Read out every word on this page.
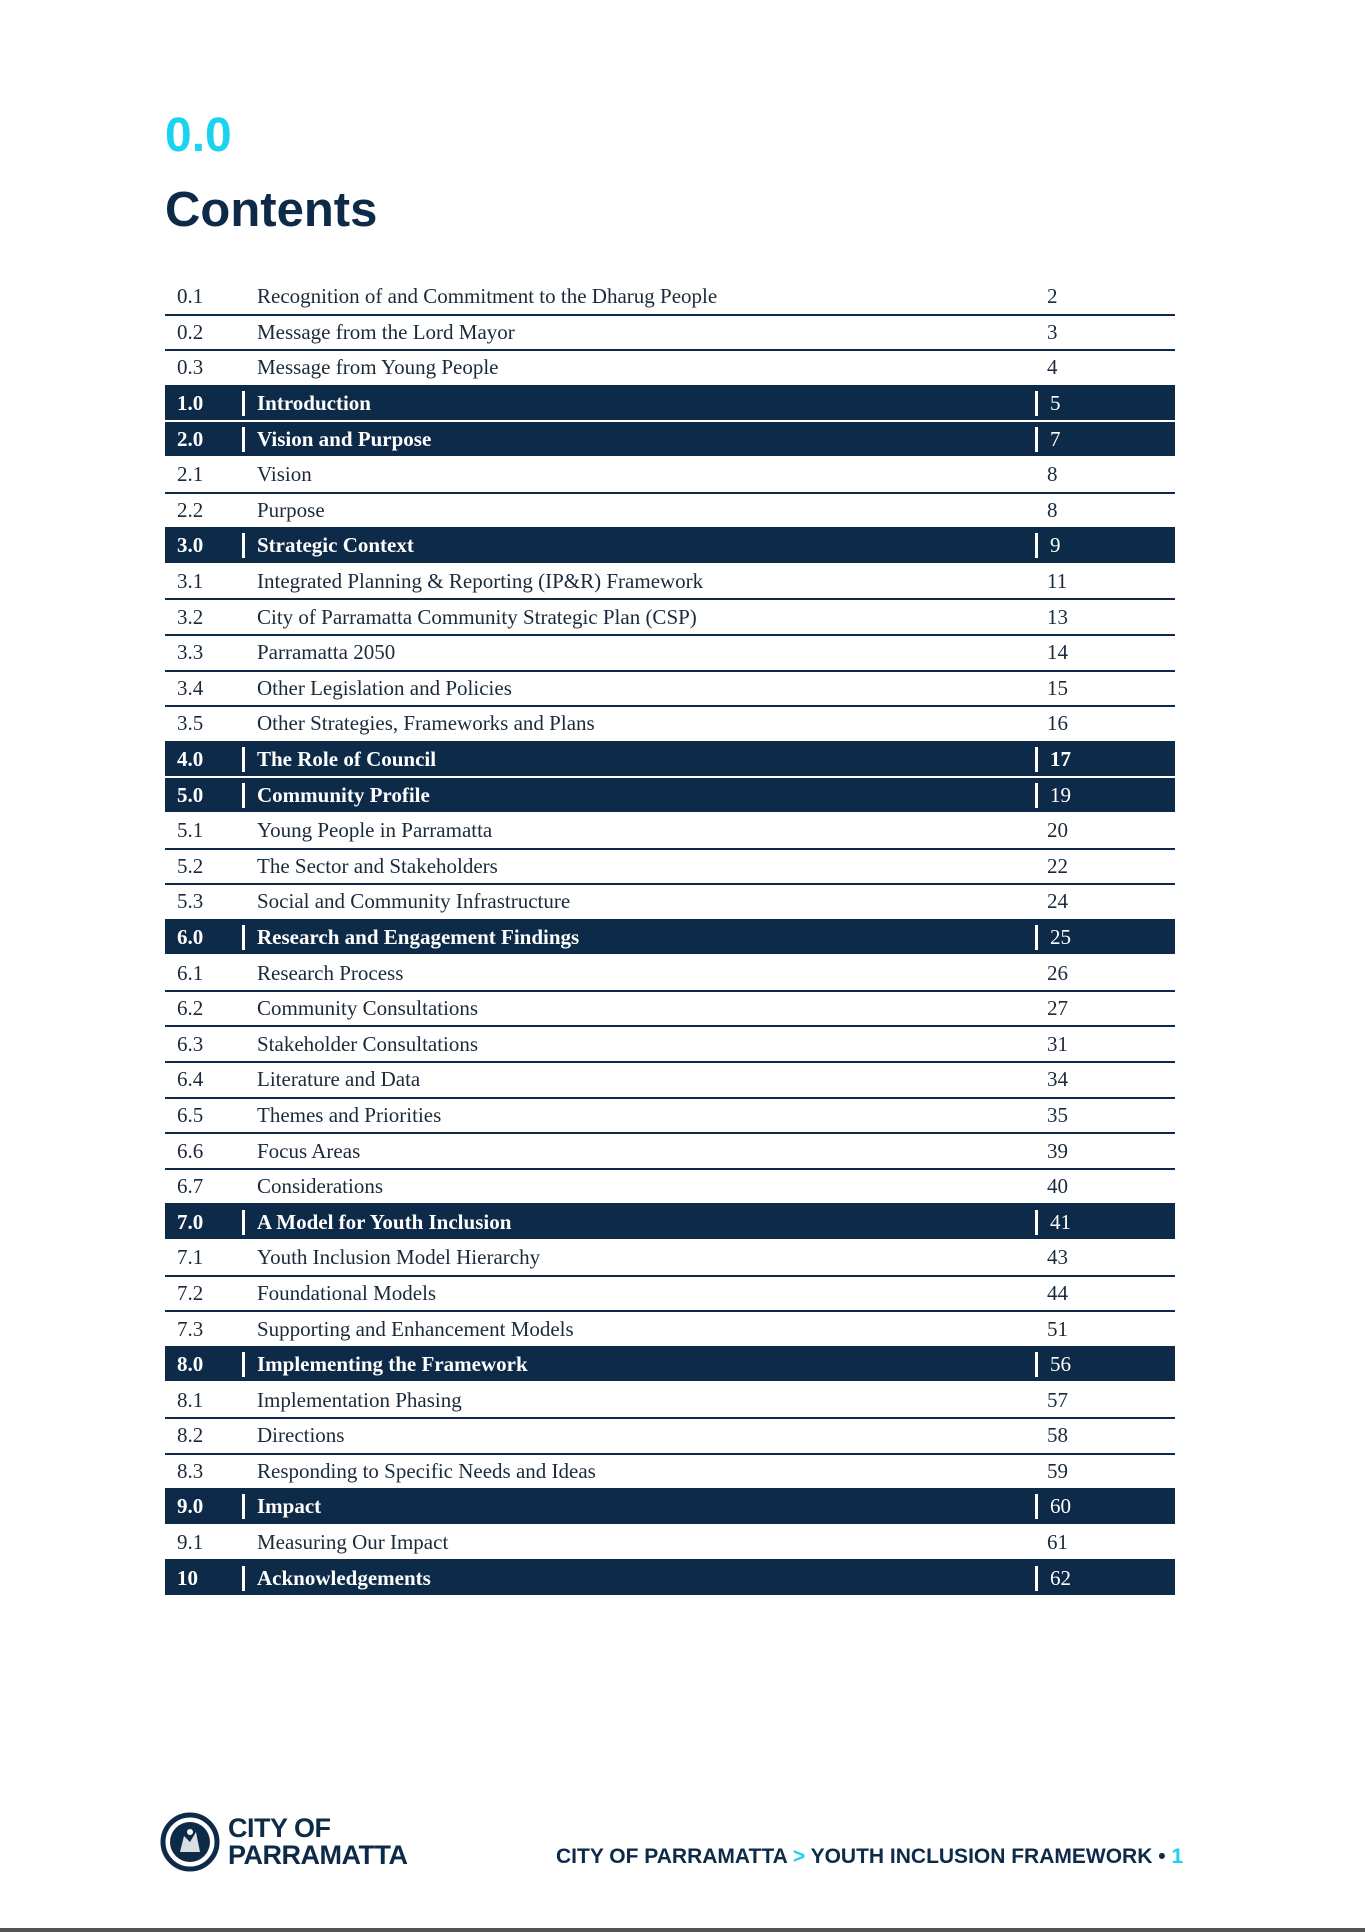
0.0
Contents
0.1	Recognition of and Commitment to the Dharug People	2
0.2	Message from the Lord Mayor	3
0.3	Message from Young People	4
1.0	Introduction	5
2.0	Vision and Purpose	7
2.1	Vision	8
2.2	Purpose	8
3.0	Strategic Context	9
3.1	Integrated Planning & Reporting (IP&R) Framework	11
3.2	City of Parramatta Community Strategic Plan (CSP)	13
3.3	Parramatta 2050	14
3.4	Other Legislation and Policies	15
3.5	Other Strategies, Frameworks and Plans	16
4.0	The Role of Council	17
5.0	Community Profile	19
5.1	Young People in Parramatta	20
5.2	The Sector and Stakeholders	22
5.3	Social and Community Infrastructure	24
6.0	Research and Engagement Findings	25
6.1	Research Process	26
6.2	Community Consultations	27
6.3	Stakeholder Consultations	31
6.4	Literature and Data	34
6.5	Themes and Priorities	35
6.6	Focus Areas	39
6.7	Considerations	40
7.0	A Model for Youth Inclusion	41
7.1	Youth Inclusion Model Hierarchy	43
7.2	Foundational Models	44
7.3	Supporting and Enhancement Models	51
8.0	Implementing the Framework	56
8.1	Implementation Phasing	57
8.2	Directions	58
8.3	Responding to Specific Needs and Ideas	59
9.0	Impact	60
9.1	Measuring Our Impact	61
10	Acknowledgements	62
CITY OF
PARRAMATTA	CITY OF PARRAMATTA > YOUTH INCLUSION FRAMEWORK • 1
